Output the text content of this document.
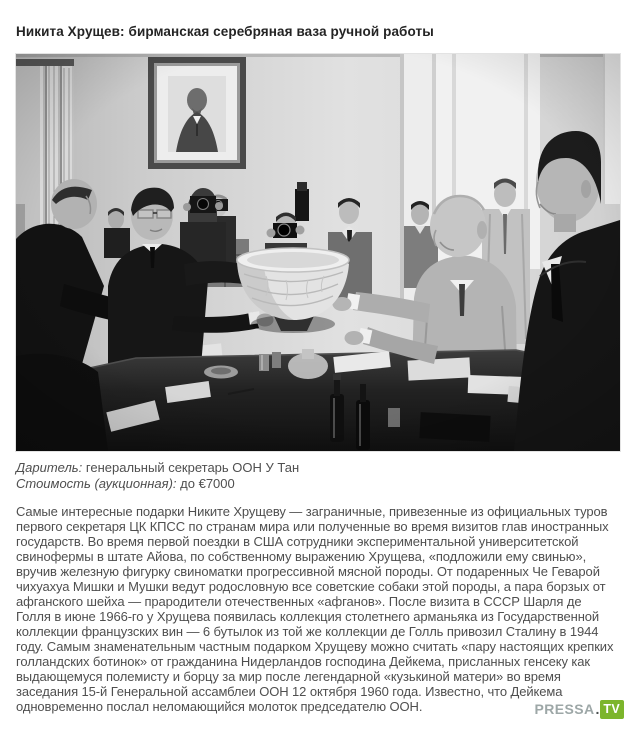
Никита Хрущев: бирманская серебряная ваза ручной работы
Даритель: генеральный секретарь ООН У Тан
Стоимость (аукционная): до €7000

Самые интересные подарки Никите Хрущеву — заграничные, привезенные из официальных туров первого секретаря ЦК КПСС по странам мира или полученные во время визитов глав иностранных государств. Во время первой поездки в США сотрудники экспериментальной университетской свинофермы в штате Айова, по собственному выражению Хрущева, «подложили ему свинью», вручив железную фигурку свиноматки прогрессивной мясной породы. От подаренных Че Геварой чихуахуа Мишки и Мушки ведут родословную все советские собаки этой породы, а пара борзых от афганского шейха — прародители отечественных «афганов». После визита в СССР Шарля де Голля в июне 1966-го у Хрущева появилась коллекция столетнего арманьяка из Государственной коллекции французских вин — 6 бутылок из той же коллекции де Голль привозил Сталину в 1944 году. Самым знаменательным частным подарком Хрущеву можно считать «пару настоящих крепких голландских ботинок» от гражданина Нидерландов господина Дейкема, присланных генсеку как выдающемуся полемисту и борцу за мир после легендарной «кузькиной матери» во время заседания 15-й Генеральной ассамблеи ООН 12 октября 1960 года. Известно, что Дейкема одновременно послал неломающийся молоток председателю ООН.	PRESSA . TV
